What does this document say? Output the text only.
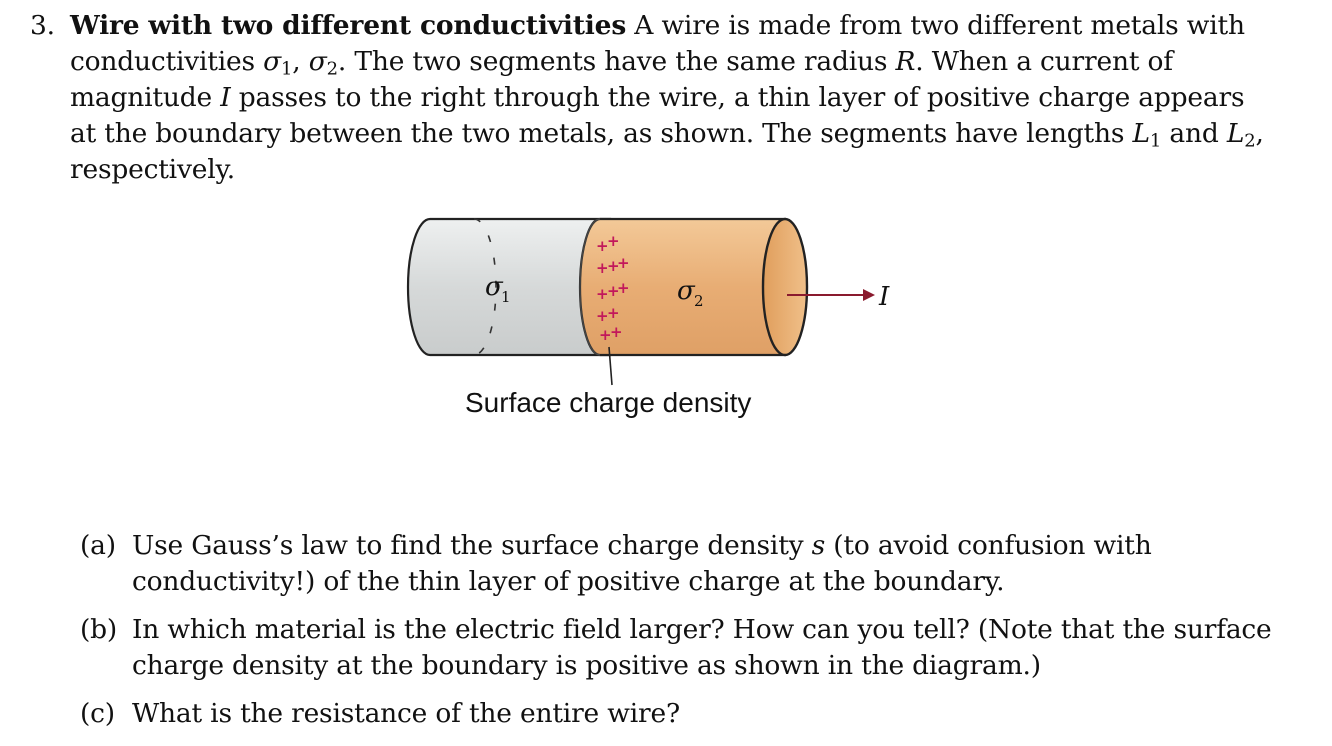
3. Wire with two different conductivities A wire is made from two different metals with conductivities $\sigma_1$, $\sigma_2$. The two segments have the same radius R. When a current of magnitude I passes to the right through the wire, a thin layer of positive charge appears at the boundary between the two metals, as shown. The segments have lengths $L_1$ and $L_2$, respectively.
+
+
+
+
+
+
+
+
+
+
+
+
σ
1	σ 2	I
Surface charge density
(a) Use Gauss’s law to find the surface charge density s (to avoid confusion with conductivity!) of the thin layer of positive charge at the boundary.
(b) In which material is the electric field larger? How can you tell? (Note that the surface charge density at the boundary is positive as shown in the diagram.)
(c) What is the resistance of the entire wire?
